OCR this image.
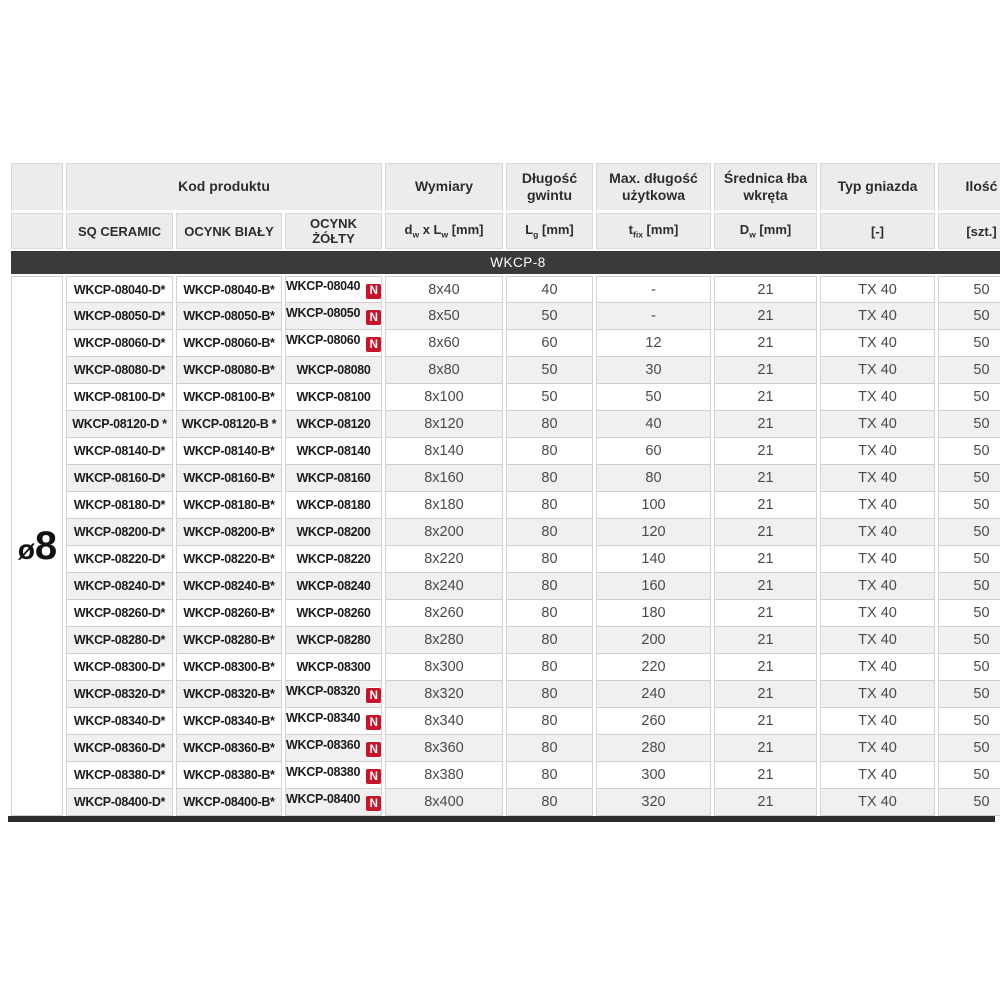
	Kod produktu			Wymiary	Długość gwintu	Max. długość użytkowa	Średnica łba wkręta	Typ gniazda	Ilość
	SQ CERAMIC	OCYNK BIAŁY	OCYNK ŻÓŁTY	$d_w$ x $L_w$ [mm]	$L_g$ [mm]	$t_{fix}$ [mm]	$D_w$ [mm]	[-]	[szt.]
WKCP-8									
ø8	WKCP-08040-D*	WKCP-08040-B*	WKCP-08040 N	8x40	40	-	21	TX 40	50
	WKCP-08050-D*	WKCP-08050-B*	WKCP-08050 N	8x50	50	-	21	TX 40	50
	WKCP-08060-D*	WKCP-08060-B*	WKCP-08060 N	8x60	60	12	21	TX 40	50
	WKCP-08080-D*	WKCP-08080-B*	WKCP-08080	8x80	50	30	21	TX 40	50
	WKCP-08100-D*	WKCP-08100-B*	WKCP-08100	8x100	50	50	21	TX 40	50
	WKCP-08120-D *	WKCP-08120-B *	WKCP-08120	8x120	80	40	21	TX 40	50
	WKCP-08140-D*	WKCP-08140-B*	WKCP-08140	8x140	80	60	21	TX 40	50
	WKCP-08160-D*	WKCP-08160-B*	WKCP-08160	8x160	80	80	21	TX 40	50
	WKCP-08180-D*	WKCP-08180-B*	WKCP-08180	8x180	80	100	21	TX 40	50
	WKCP-08200-D*	WKCP-08200-B*	WKCP-08200	8x200	80	120	21	TX 40	50
	WKCP-08220-D*	WKCP-08220-B*	WKCP-08220	8x220	80	140	21	TX 40	50
	WKCP-08240-D*	WKCP-08240-B*	WKCP-08240	8x240	80	160	21	TX 40	50
	WKCP-08260-D*	WKCP-08260-B*	WKCP-08260	8x260	80	180	21	TX 40	50
	WKCP-08280-D*	WKCP-08280-B*	WKCP-08280	8x280	80	200	21	TX 40	50
	WKCP-08300-D*	WKCP-08300-B*	WKCP-08300	8x300	80	220	21	TX 40	50
	WKCP-08320-D*	WKCP-08320-B*	WKCP-08320 N	8x320	80	240	21	TX 40	50
	WKCP-08340-D*	WKCP-08340-B*	WKCP-08340 N	8x340	80	260	21	TX 40	50
	WKCP-08360-D*	WKCP-08360-B*	WKCP-08360 N	8x360	80	280	21	TX 40	50
	WKCP-08380-D*	WKCP-08380-B*	WKCP-08380 N	8x380	80	300	21	TX 40	50
	WKCP-08400-D*	WKCP-08400-B*	WKCP-08400 N	8x400	80	320	21	TX 40	50
